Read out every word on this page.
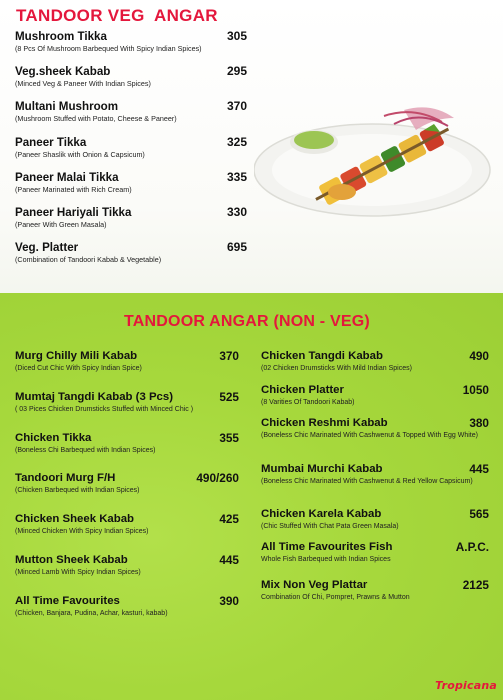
TANDOOR VEG  ANGAR
Mushroom Tikka
(8 Pcs Of Mushroom Barbequed With Spicy Indian Spices)
305
Veg.sheek Kabab
(Minced Veg & Paneer With Indian Spices)
295
Multani Mushroom
(Mushroom Stuffed with Potato, Cheese & Paneer)
370
Paneer Tikka
(Paneer Shaslik with Onion & Capsicum)
325
Paneer Malai Tikka
(Paneer Marinated with Rich Cream)
335
Paneer Hariyali Tikka
(Paneer With Green Masala)
330
Veg. Platter
(Combination of Tandoori Kabab & Vegetable)
695
TANDOOR ANGAR (NON - VEG)
Murg Chilly Mili Kabab
(Diced Cut Chic With Spicy Indian Spice)
370
Mumtaj Tangdi Kabab (3 Pcs)
( 03 Pices Chicken Drumsticks Stuffed with Minced Chic )
525
Chicken Tikka
(Boneless Chi Barbequed with Indian Spices)
355
Tandoori Murg F/H
(Chicken Barbequed with Indian Spices)
490/260
Chicken Sheek Kabab
(Minced Chicken With Spicy Indian Spices)
425
Mutton Sheek Kabab
(Minced Lamb With Spicy Indian Spices)
445
All Time Favourites
(Chicken, Banjara, Pudina, Achar, kasturi, kabab)
390
Chicken Tangdi Kabab
(02 Chicken Drumsticks With Mild Indian Spices)
490
Chicken Platter
(8 Varities Of Tandoori Kabab)
1050
Chicken Reshmi Kabab
(Boneless Chic Marinated With Cashwenut & Topped With Egg White)
380
Mumbai Murchi Kabab
(Boneless Chic Marinated With Cashwenut & Red Yellow Capsicum)
445
Chicken Karela Kabab
(Chic Stuffed With Chat Pata Green Masala)
565
All Time Favourites Fish
Whole Fish Barbequed with Indian Spices
A.P.C.
Mix Non Veg Plattar
Combination Of Chi, Pompret, Prawns & Mutton
2125
Tropicana
